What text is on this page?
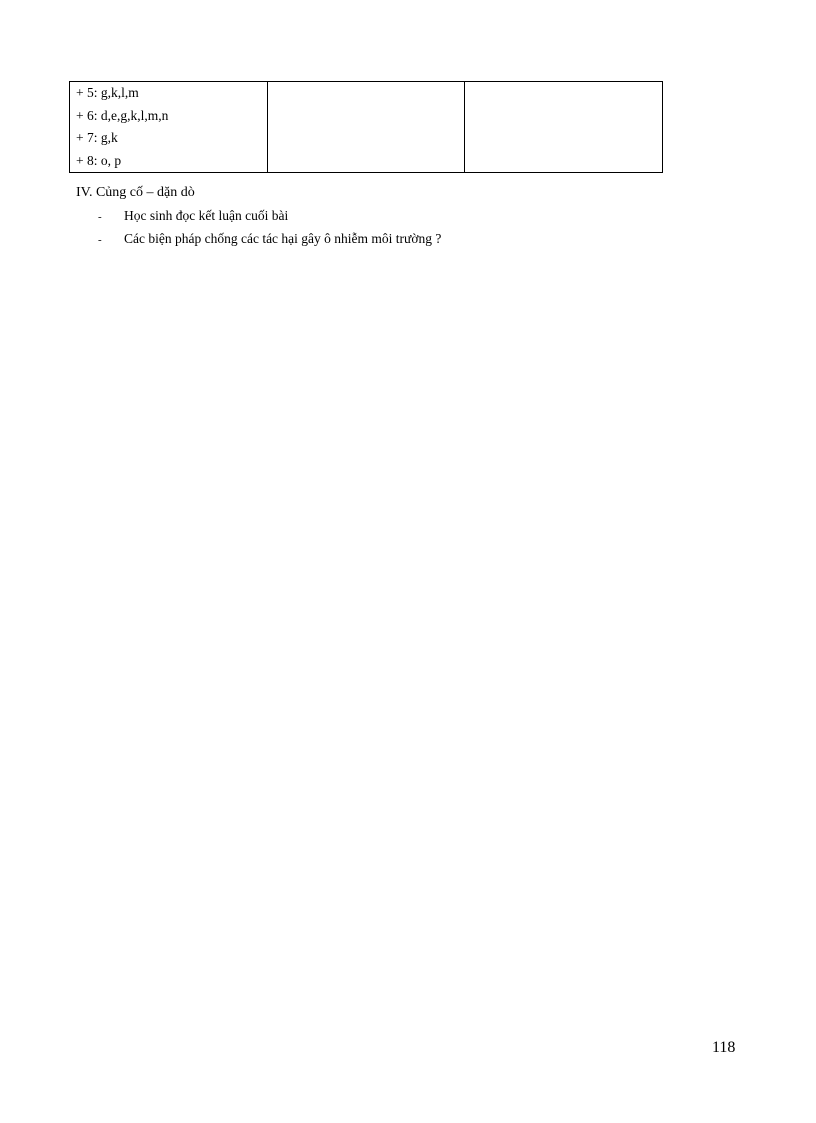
+ 5: g,k,l,m
+ 6: d,e,g,k,l,m,n
+ 7: g,k
+ 8: o, p

IV. Củng cố – dặn dò
- Học sinh đọc kết luận cuối bài
- Các biện pháp chống các tác hại gây ô nhiễm môi trường ?
118
